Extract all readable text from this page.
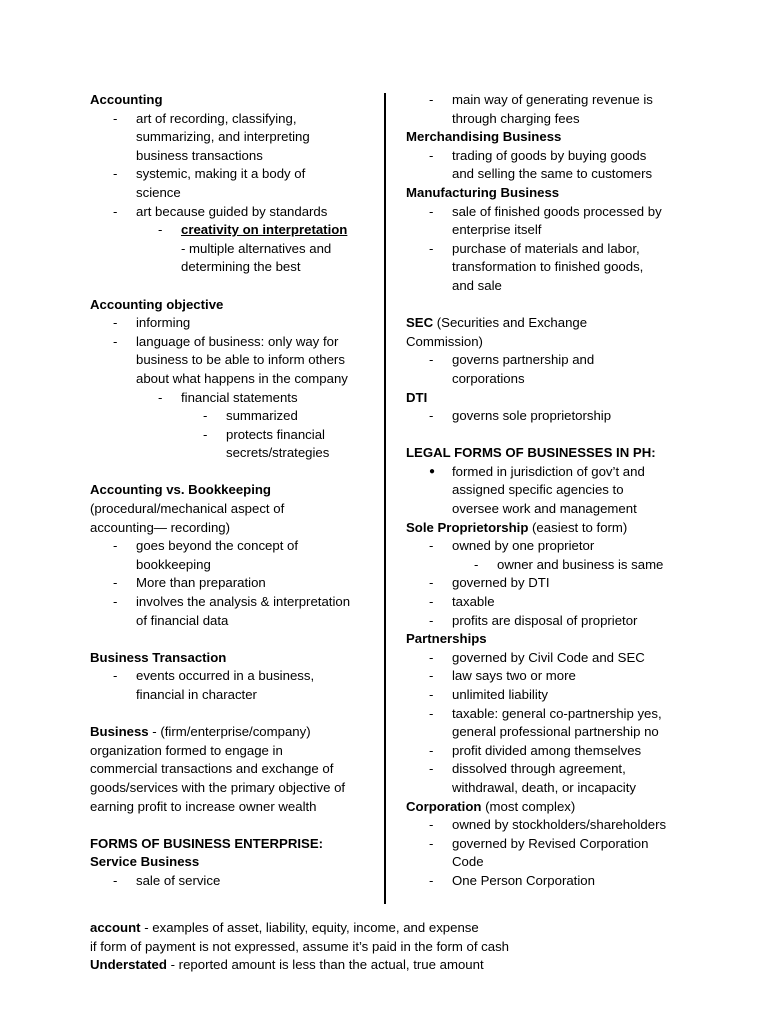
Accounting
- art of recording, classifying,
summarizing, and interpreting
business transactions
- systemic, making it a body of
science
- art because guided by standards
- creativity on interpretation
- multiple alternatives and
determining the best
Accounting objective
- informing
- language of business: only way for
business to be able to inform others
about what happens in the company
- financial statements
- summarized
- protects financial
secrets/strategies
Accounting vs. Bookkeeping
(procedural/mechanical aspect of
accounting— recording)
- goes beyond the concept of
bookkeeping
- More than preparation
- involves the analysis & interpretation
of financial data
Business Transaction
- events occurred in a business,
financial in character
Business - (firm/enterprise/company)
organization formed to engage in
commercial transactions and exchange of
goods/services with the primary objective of
earning profit to increase owner wealth
FORMS OF BUSINESS ENTERPRISE:
Service Business
- sale of service
- main way of generating revenue is
through charging fees
Merchandising Business
- trading of goods by buying goods
and selling the same to customers
Manufacturing Business
- sale of finished goods processed by
enterprise itself
- purchase of materials and labor,
transformation to finished goods,
and sale
SEC (Securities and Exchange
Commission)
- governs partnership and
corporations
DTI
- governs sole proprietorship
LEGAL FORMS OF BUSINESSES IN PH:
● formed in jurisdiction of gov’t and
assigned specific agencies to
oversee work and management
Sole Proprietorship (easiest to form)
- owned by one proprietor
- owner and business is same
- governed by DTI
- taxable
- profits are disposal of proprietor
Partnerships
- governed by Civil Code and SEC
- law says two or more
- unlimited liability
- taxable: general co-partnership yes,
general professional partnership no
- profit divided among themselves
- dissolved through agreement,
withdrawal, death, or incapacity
Corporation (most complex)
- owned by stockholders/shareholders
- governed by Revised Corporation
Code
- One Person Corporation
account - examples of asset, liability, equity, income, and expense
if form of payment is not expressed, assume it’s paid in the form of cash
Understated - reported amount is less than the actual, true amount
